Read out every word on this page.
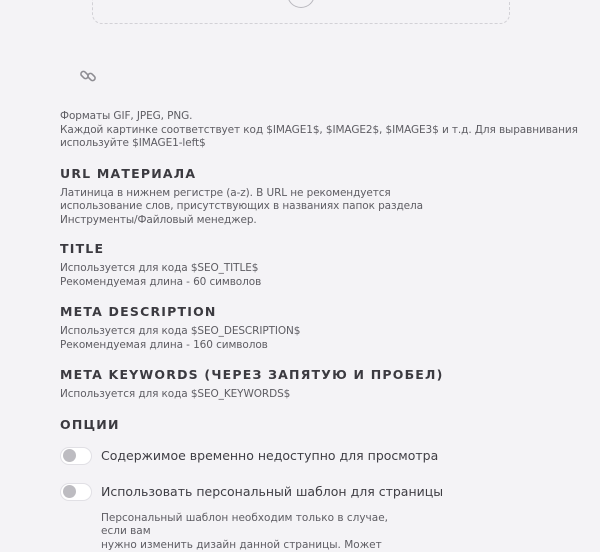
Форматы GIF, JPEG, PNG.
Каждой картинке соответствует код $IMAGE1$, $IMAGE2$, $IMAGE3$ и т.д. Для выравнивания
используйте $IMAGE1-left$
URL МАТЕРИАЛА
Латиница в нижнем регистре (a-z). В URL не рекомендуется
использование слов, присутствующих в названиях папок раздела
Инструменты/Файловый менеджер.
TITLE
Используется для кода $SEO_TITLE$
Рекомендуемая длина - 60 символов
META DESCRIPTION
Используется для кода $SEO_DESCRIPTION$
Рекомендуемая длина - 160 символов
META KEYWORDS (ЧЕРЕЗ ЗАПЯТУЮ И ПРОБЕЛ)
Используется для кода $SEO_KEYWORDS$
ОПЦИИ
Содержимое временно недоступно для просмотра
Использовать персональный шаблон для страницы
Персональный шаблон необходим только в случае, если вам
нужно изменить дизайн данной страницы. Может
